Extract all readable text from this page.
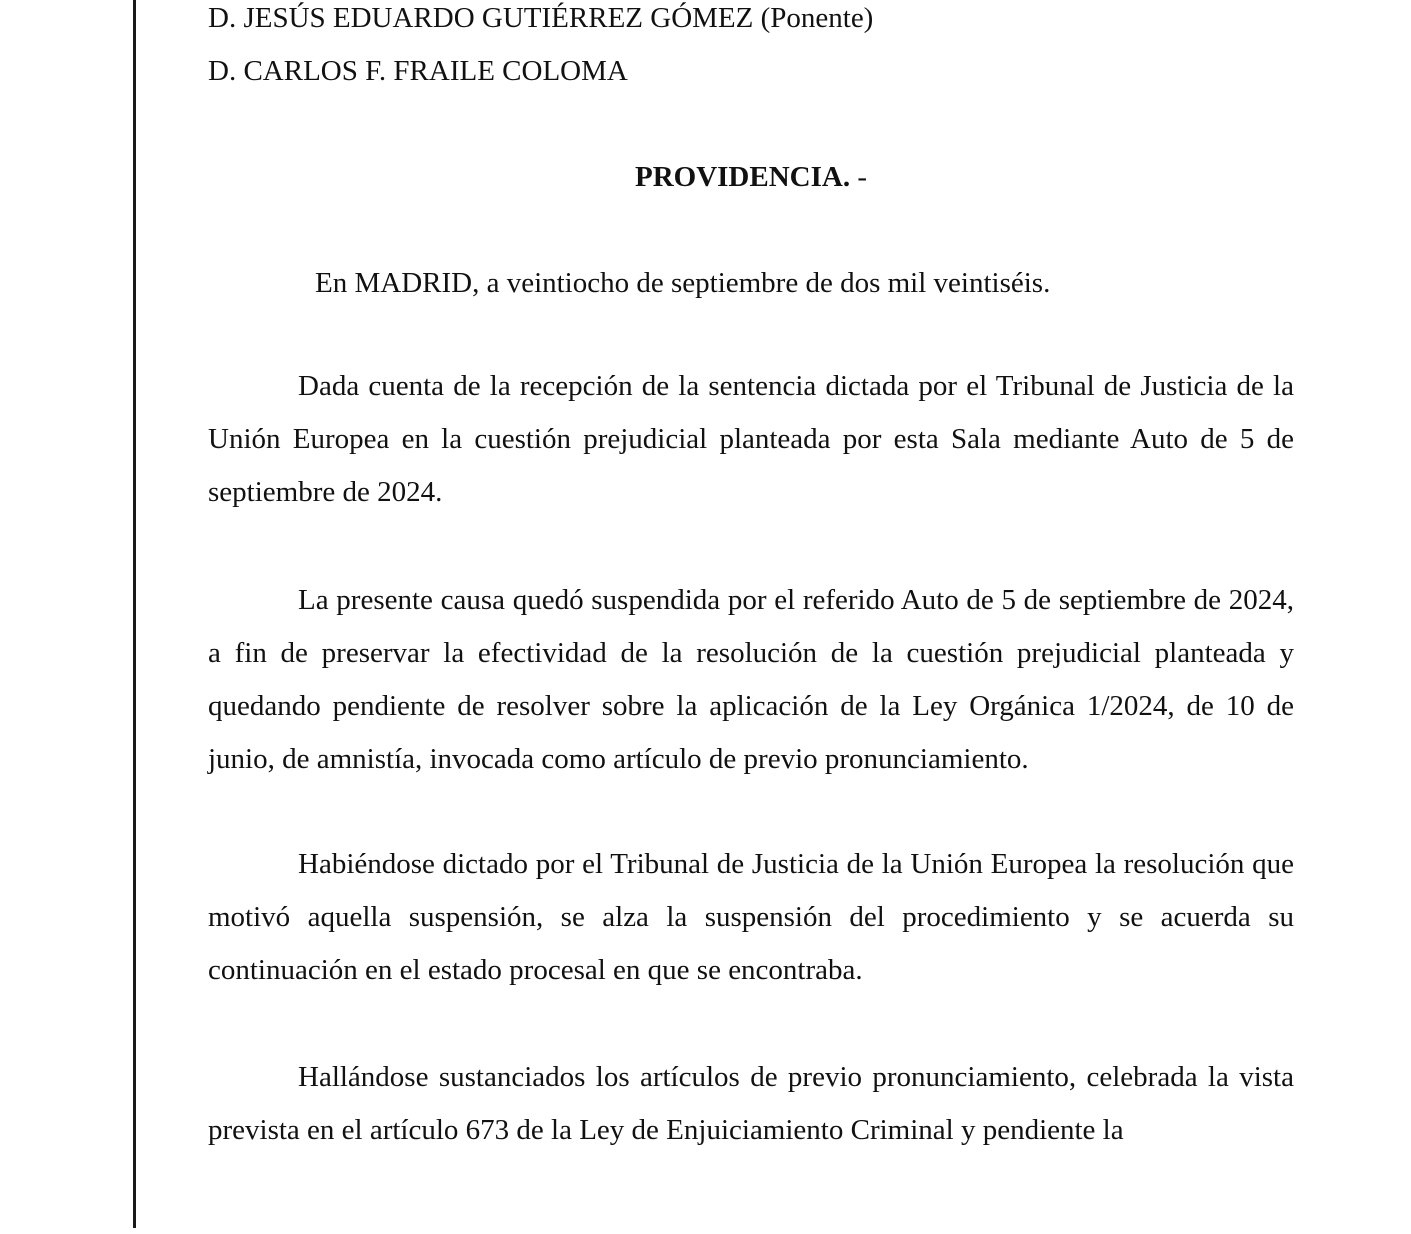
D. JESÚS EDUARDO GUTIÉRREZ GÓMEZ (Ponente)
D. CARLOS F. FRAILE COLOMA
PROVIDENCIA. -
En MADRID, a veintiocho de septiembre de dos mil veintiséis.

Dada cuenta de la recepción de la sentencia dictada por el Tribunal de Justicia de la Unión Europea en la cuestión prejudicial planteada por esta Sala mediante Auto de 5 de septiembre de 2024.

La presente causa quedó suspendida por el referido Auto de 5 de septiembre de 2024, a fin de preservar la efectividad de la resolución de la cuestión prejudicial planteada y quedando pendiente de resolver sobre la aplicación de la Ley Orgánica 1/2024, de 10 de junio, de amnistía, invocada como artículo de previo pronunciamiento.

Habiéndose dictado por el Tribunal de Justicia de la Unión Europea la resolución que motivó aquella suspensión, se alza la suspensión del procedimiento y se acuerda su continuación en el estado procesal en que se encontraba.

Hallándose sustanciados los artículos de previo pronunciamiento, celebrada la vista prevista en el artículo 673 de la Ley de Enjuiciamiento Criminal y pendiente la
